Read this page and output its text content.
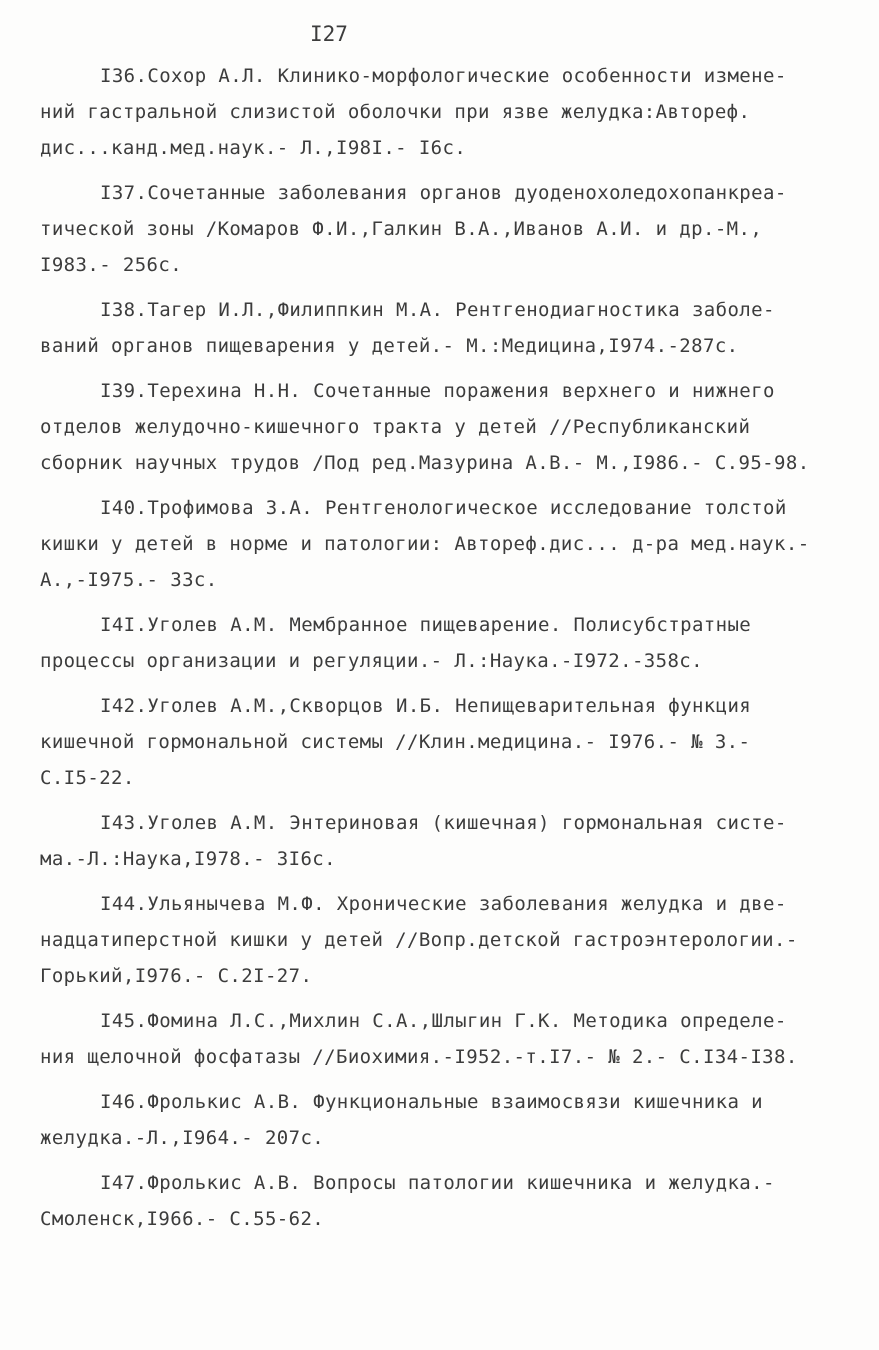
I27
I36.Сохор А.Л. Клинико-морфологические особенности измене-
ний гастральной слизистой оболочки при язве желудка:Автореф.
дис...канд.мед.наук.- Л.,I98I.- I6с.
I37.Сочетанные заболевания органов дуоденохоледохопанкреа-
тической зоны /Комаров Ф.И.,Галкин В.А.,Иванов А.И. и др.-М.,
I983.- 256с.
I38.Тагер И.Л.,Филиппкин М.А. Рентгенодиагностика заболе-
ваний органов пищеварения у детей.- М.:Медицина,I974.-287с.
I39.Терехина Н.Н. Сочетанные поражения верхнего и нижнего
отделов желудочно-кишечного тракта у детей //Республиканский
сборник научных трудов /Под ред.Мазурина А.В.- М.,I986.- С.95-98.
I40.Трофимова З.А. Рентгенологическое исследование толстой
кишки у детей в норме и патологии: Автореф.дис... д-ра мед.наук.-
А.,-I975.- 33с.
I4I.Уголев А.М. Мембранное пищеварение. Полисубстратные
процессы организации и регуляции.- Л.:Наука.-I972.-358с.
I42.Уголев А.М.,Скворцов И.Б. Непищеварительная функция
кишечной гормональной системы //Клин.медицина.- I976.- № 3.-
С.I5-22.
I43.Уголев А.М. Энтериновая (кишечная) гормональная систе-
ма.-Л.:Наука,I978.- 3I6с.
I44.Ульянычева М.Ф. Хронические заболевания желудка и две-
надцатиперстной кишки у детей //Вопр.детской гастроэнтерологии.-
Горький,I976.- С.2I-27.
I45.Фомина Л.С.,Михлин С.А.,Шлыгин Г.К. Методика определе-
ния щелочной фосфатазы //Биохимия.-I952.-т.I7.- № 2.- С.I34-I38.
I46.Фролькис А.В. Функциональные взаимосвязи кишечника и
желудка.-Л.,I964.- 207с.
I47.Фролькис А.В. Вопросы патологии кишечника и желудка.-
Смоленск,I966.- С.55-62.
